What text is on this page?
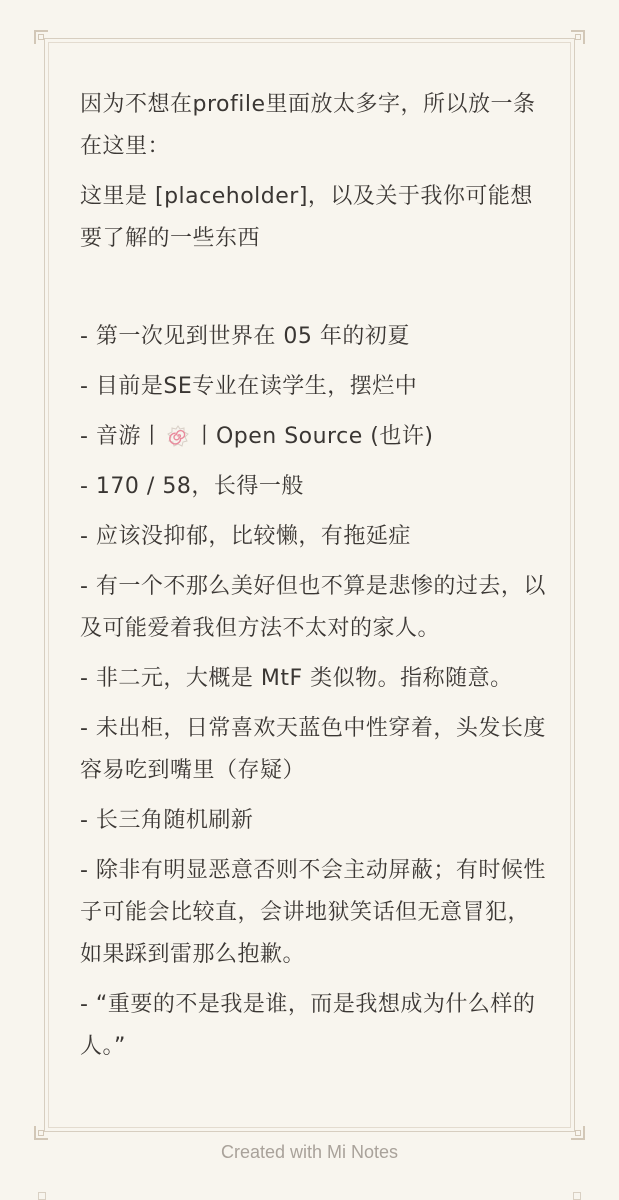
因为不想在profile里面放太多字，所以放一条在这里：
这里是 [placeholder]，以及关于我你可能想要了解的一些东西
- 第一次见到世界在 05 年的初夏
- 目前是SE专业在读学生，摆烂中
- 音游丨 丨Open Source (也许)
- 170 / 58，长得一般
- 应该没抑郁，比较懒，有拖延症
- 有一个不那么美好但也不算是悲惨的过去，以及可能爱着我但方法不太对的家人。
- 非二元，大概是 MtF 类似物。指称随意。
- 未出柜，日常喜欢天蓝色中性穿着，头发长度容易吃到嘴里（存疑）
- 长三角随机刷新
- 除非有明显恶意否则不会主动屏蔽；有时候性子可能会比较直，会讲地狱笑话但无意冒犯，如果踩到雷那么抱歉。
- “重要的不是我是谁，而是我想成为什么样的人。”
Created with Mi Notes
